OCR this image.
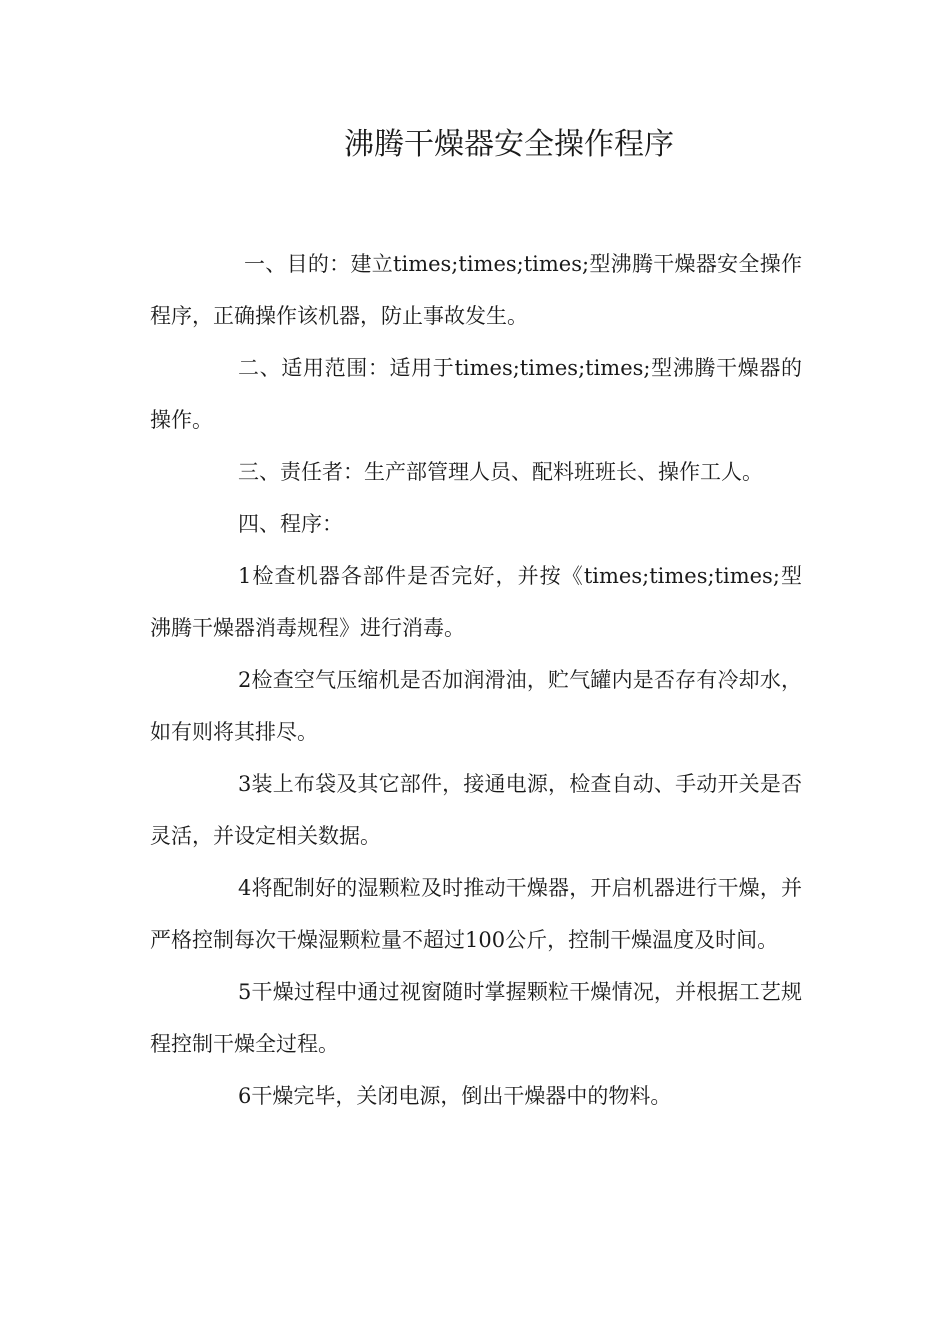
沸腾干燥器安全操作程序

一、目的：建立times;times;times;型沸腾干燥器安全操作程序，正确操作该机器，防止事故发生。

二、适用范围：适用于times;times;times;型沸腾干燥器的操作。

三、责任者：生产部管理人员、配料班班长、操作工人。

四、程序：

1检查机器各部件是否完好，并按《times;times;times;型沸腾干燥器消毒规程》进行消毒。

2检查空气压缩机是否加润滑油，贮气罐内是否存有冷却水，如有则将其排尽。

3装上布袋及其它部件，接通电源，检查自动、手动开关是否灵活，并设定相关数据。

4将配制好的湿颗粒及时推动干燥器，开启机器进行干燥，并严格控制每次干燥湿颗粒量不超过100公斤，控制干燥温度及时间。

5干燥过程中通过视窗随时掌握颗粒干燥情况，并根据工艺规程控制干燥全过程。

6干燥完毕，关闭电源，倒出干燥器中的物料。
